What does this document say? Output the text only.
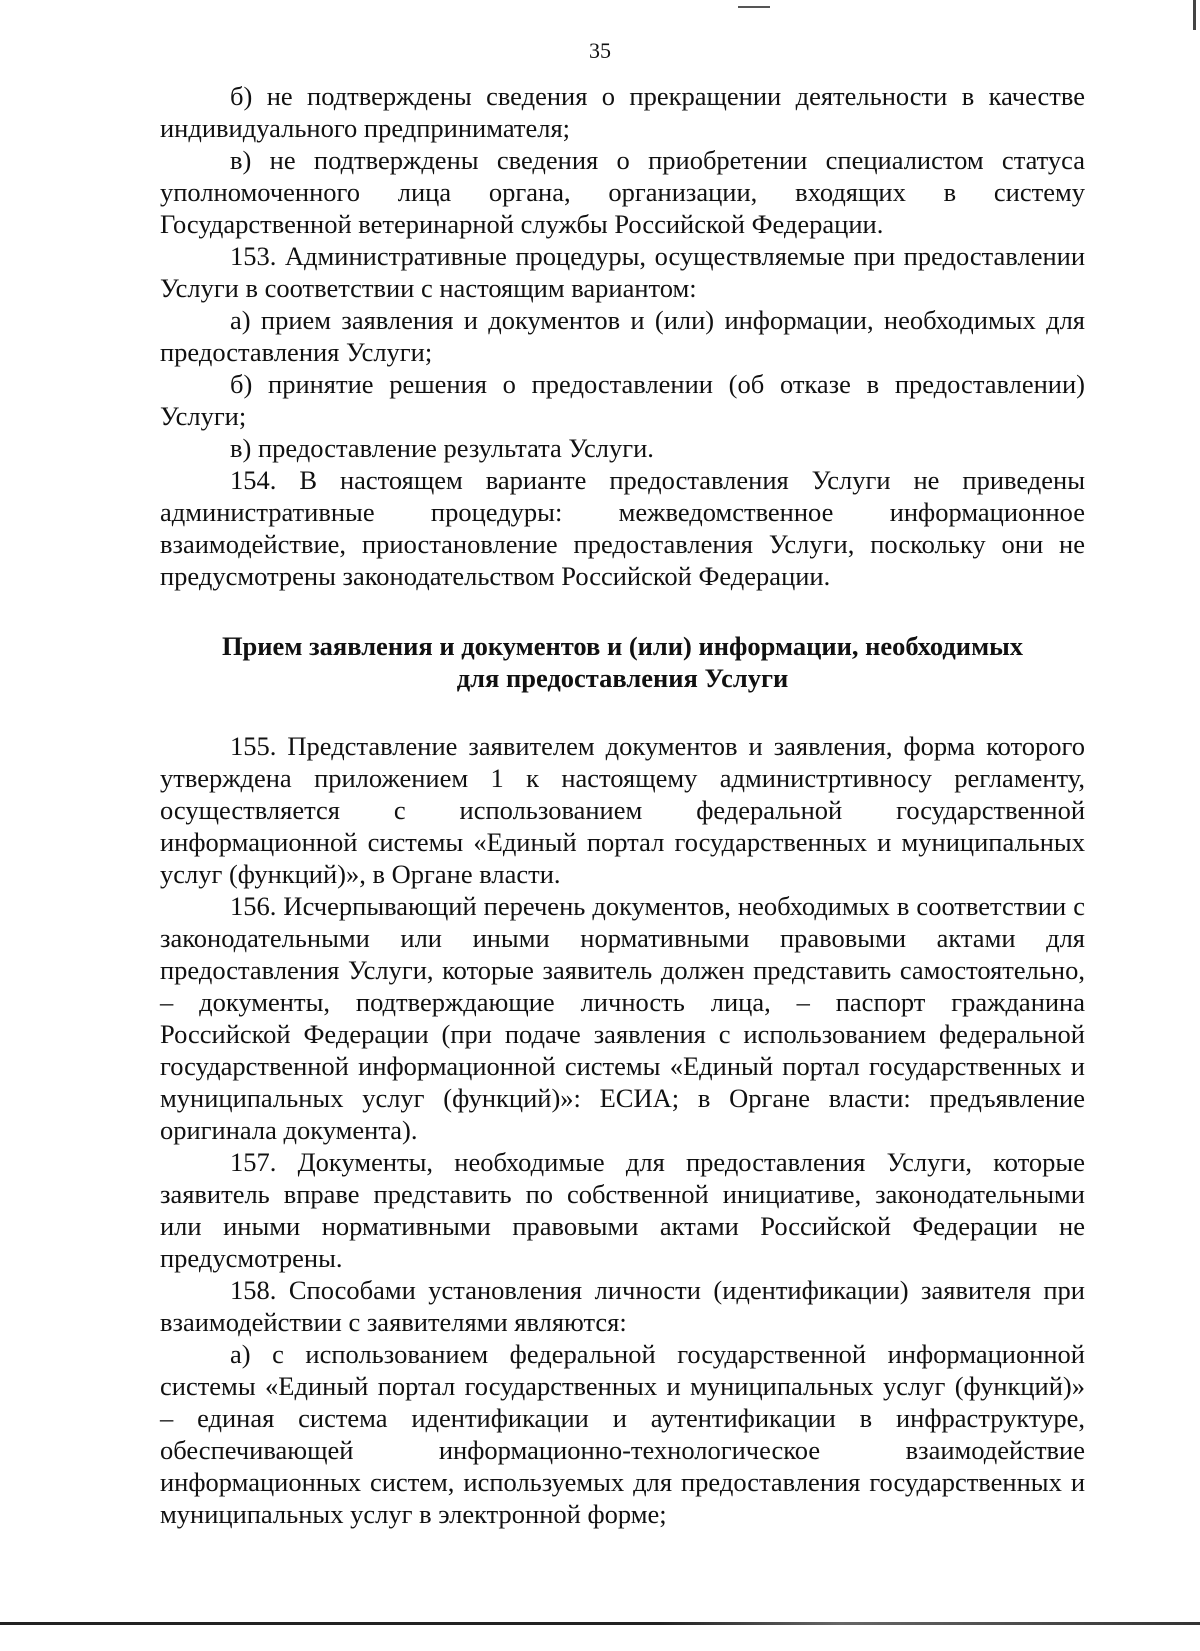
35

б) не подтверждены сведения о прекращении деятельности в качестве индивидуального предпринимателя;

в) не подтверждены сведения о приобретении специалистом статуса уполномоченного лица органа, организации, входящих в систему Государственной ветеринарной службы Российской Федерации.

153. Административные процедуры, осуществляемые при предоставлении Услуги в соответствии с настоящим вариантом:

а) прием заявления и документов и (или) информации, необходимых для предоставления Услуги;

б) принятие решения о предоставлении (об отказе в предоставлении) Услуги;

в) предоставление результата Услуги.

154. В настоящем варианте предоставления Услуги не приведены административные процедуры: межведомственное информационное взаимодействие, приостановление предоставления Услуги, поскольку они не предусмотрены законодательством Российской Федерации.

Прием заявления и документов и (или) информации, необходимых
для предоставления Услуги

155. Представление заявителем документов и заявления, форма которого утверждена приложением 1 к настоящему администртивносу регламенту, осуществляется с использованием федеральной государственной информационной системы «Единый портал государственных и муниципальных услуг (функций)», в Органе власти.

156. Исчерпывающий перечень документов, необходимых в соответствии с законодательными или иными нормативными правовыми актами для предоставления Услуги, которые заявитель должен представить самостоятельно, – документы, подтверждающие личность лица, – паспорт гражданина Российской Федерации (при подаче заявления с использованием федеральной государственной информационной системы «Единый портал государственных и муниципальных услуг (функций)»: ЕСИА; в Органе власти: предъявление оригинала документа).

157. Документы, необходимые для предоставления Услуги, которые заявитель вправе представить по собственной инициативе, законодательными или иными нормативными правовыми актами Российской Федерации не предусмотрены.

158. Способами установления личности (идентификации) заявителя при взаимодействии с заявителями являются:

а) с использованием федеральной государственной информационной системы «Единый портал государственных и муниципальных услуг (функций)» – единая система идентификации и аутентификации в инфраструктуре, обеспечивающей информационно-технологическое взаимодействие информационных систем, используемых для предоставления государственных и муниципальных услуг в электронной форме;
